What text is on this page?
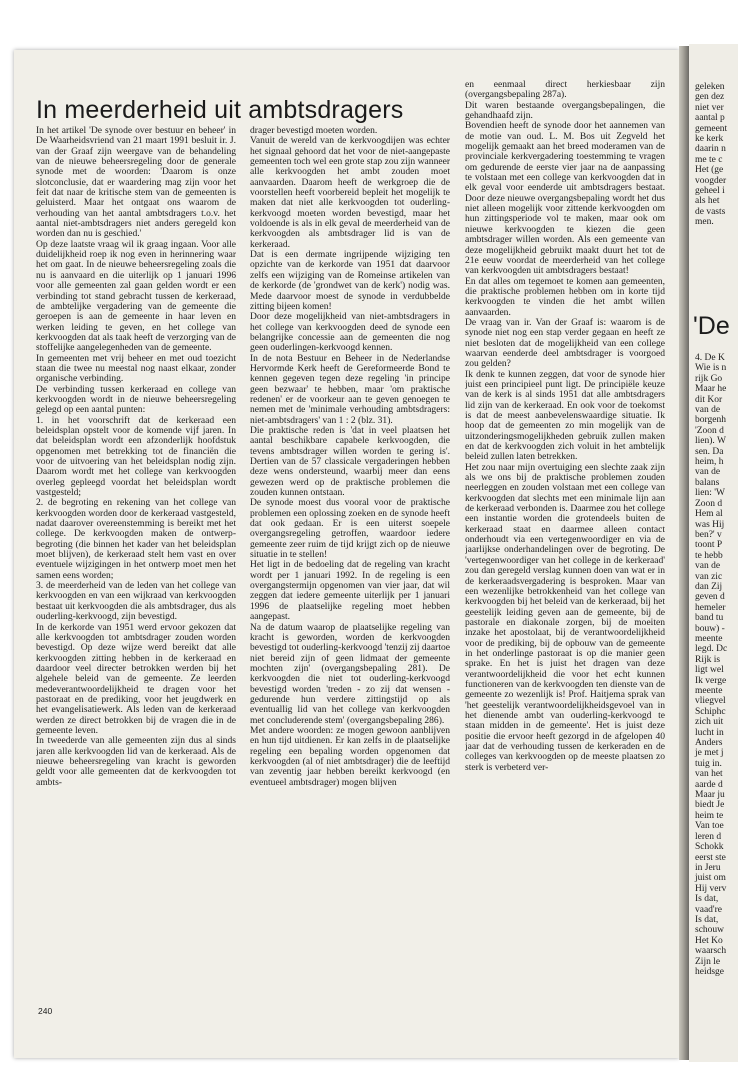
In meerderheid uit ambtsdragers

In het artikel 'De synode over bestuur en beheer' in De Waarheidsvriend van 21 maart 1991 besluit ir. J. van der Graaf zijn weergave van de behandeling van de nieuwe beheersregeling door de generale synode met de woorden: 'Daarom is onze slotconclusie, dat er waardering mag zijn voor het feit dat naar de kritische stem van de gemeenten is geluisterd. Maar het ontgaat ons waarom de verhouding van het aantal ambtsdragers t.o.v. het aantal niet-ambtsdragers niet anders geregeld kon worden dan nu is geschied.'

Op deze laatste vraag wil ik graag ingaan. Voor alle duidelijkheid roep ik nog even in herinnering waar het om gaat. In de nieuwe beheersregeling zoals die nu is aanvaard en die uiterlijk op 1 januari 1996 voor alle gemeenten zal gaan gelden wordt er een verbinding tot stand gebracht tussen de kerkeraad, de ambtelijke vergadering van de gemeente die geroepen is aan de gemeente in haar leven en werken leiding te geven, en het college van kerkvoogden dat als taak heeft de verzorging van de stoffelijke aangelegenheden van de gemeente.

In gemeenten met vrij beheer en met oud toezicht staan die twee nu meestal nog naast elkaar, zonder organische verbinding.

De verbinding tussen kerkeraad en college van kerkvoogden wordt in de nieuwe beheersregeling gelegd op een aantal punten:

1. in het voorschrift dat de kerkeraad een beleidsplan opstelt voor de komende vijf jaren. In dat beleidsplan wordt een afzonderlijk hoofdstuk opgenomen met betrekking tot de financiën die voor de uitvoering van het beleidsplan nodig zijn. Daarom wordt met het college van kerkvoogden overleg gepleegd voordat het beleidsplan wordt vastgesteld;

2. de begroting en rekening van het college van kerkvoogden worden door de kerkeraad vastgesteld, nadat daarover overeenstemming is bereikt met het college. De kerkvoogden maken de ontwerp-begroting (die binnen het kader van het beleidsplan moet blijven), de kerkeraad stelt hem vast en over eventuele wijzigingen in het ontwerp moet men het samen eens worden;

3. de meerderheid van de leden van het college van kerkvoogden en van een wijkraad van kerkvoogden bestaat uit kerkvoogden die als ambtsdrager, dus als ouderling-kerkvoogd, zijn bevestigd.

In de kerkorde van 1951 werd ervoor gekozen dat alle kerkvoogden tot ambtsdrager zouden worden bevestigd. Op deze wijze werd bereikt dat alle kerkvoogden zitting hebben in de kerkeraad en daardoor veel directer betrokken werden bij het algehele beleid van de gemeente. Ze leerden medeverantwoordelijkheid te dragen voor het pastoraat en de prediking, voor het jeugdwerk en het evangelisatiewerk. Als leden van de kerkeraad werden ze direct betrokken bij de vragen die in de gemeente leven.

In tweederde van alle gemeenten zijn dus al sinds jaren alle kerkvoogden lid van de kerkeraad. Als de nieuwe beheersregeling van kracht is geworden geldt voor alle gemeenten dat de kerkvoogden tot ambts-

drager bevestigd moeten worden.

Vanuit de wereld van de kerkvoogdijen was echter het signaal gehoord dat het voor de niet-aangepaste gemeenten toch wel een grote stap zou zijn wanneer alle kerkvoogden het ambt zouden moet aanvaarden. Daarom heeft de werkgroep die de voorstellen heeft voorbereid bepleit het mogelijk te maken dat niet alle kerkvoogden tot ouderling-kerkvoogd moeten worden bevestigd, maar het voldoende is als in elk geval de meerderheid van de kerkvoogden als ambtsdrager lid is van de kerkeraad.

Dat is een dermate ingrijpende wijziging ten opzichte van de kerkorde van 1951 dat daarvoor zelfs een wijziging van de Romeinse artikelen van de kerkorde (de 'grondwet van de kerk') nodig was. Mede daarvoor moest de synode in verdubbelde zitting bijeen komen!

Door deze mogelijkheid van niet-ambtsdragers in het college van kerkvoogden deed de synode een belangrijke concessie aan de gemeenten die nog geen ouderlingen-kerkvoogd kennen.

In de nota Bestuur en Beheer in de Nederlandse Hervormde Kerk heeft de Gereformeerde Bond te kennen gegeven tegen deze regeling 'in principe geen bezwaar' te hebben, maar 'om praktische redenen' er de voorkeur aan te geven genoegen te nemen met de 'minimale verhouding ambtsdragers: niet-ambtsdragers' van 1 : 2 (blz. 31).

Die praktische reden is 'dat in veel plaatsen het aantal beschikbare capabele kerkvoogden, die tevens ambtsdrager willen worden te gering is'. Dertien van de 57 classicale vergaderingen hebben deze wens ondersteund, waarbij meer dan eens gewezen werd op de praktische problemen die zouden kunnen ontstaan.

De synode moest dus vooral voor de praktische problemen een oplossing zoeken en de synode heeft dat ook gedaan. Er is een uiterst soepele overgangsregeling getroffen, waardoor iedere gemeente zeer ruim de tijd krijgt zich op de nieuwe situatie in te stellen!

Het ligt in de bedoeling dat de regeling van kracht wordt per 1 januari 1992. In de regeling is een overgangstermijn opgenomen van vier jaar, dat wil zeggen dat iedere gemeente uiterlijk per 1 januari 1996 de plaatselijke regeling moet hebben aangepast.

Na de datum waarop de plaatselijke regeling van kracht is geworden, worden de kerkvoogden bevestigd tot ouderling-kerkvoogd 'tenzij zij daartoe niet bereid zijn of geen lidmaat der gemeente mochten zijn' (overgangsbepaling 281). De kerkvoogden die niet tot ouderling-kerkvoogd bevestigd worden 'treden - zo zij dat wensen - gedurende hun verdere zittingstijd op als eventuallig lid van het college van kerkvoogden met concluderende stem' (overgangsbepaling 286).

Met andere woorden: ze mogen gewoon aanblijven en hun tijd uitdienen. Er kan zelfs in de plaatselijke regeling een bepaling worden opgenomen dat kerkvoogden (al of niet ambtsdrager) die de leeftijd van zeventig jaar hebben bereikt kerkvoogd (en eventueel ambtsdrager) mogen blijven

en eenmaal direct herkiesbaar zijn (overgangsbepaling 287a).

Dit waren bestaande overgangsbepalingen, die gehandhaafd zijn.

Bovendien heeft de synode door het aannemen van de motie van oud. L. M. Bos uit Zegveld het mogelijk gemaakt aan het breed moderamen van de provinciale kerkvergadering toestemming te vragen om gedurende de eerste vier jaar na de aanpassing te volstaan met een college van kerkvoogden dat in elk geval voor eenderde uit ambtsdragers bestaat. Door deze nieuwe overgangsbepaling wordt het dus niet alleen mogelijk voor zittende kerkvoogden om hun zittingsperiode vol te maken, maar ook om nieuwe kerkvoogden te kiezen die geen ambtsdrager willen worden. Als een gemeente van deze mogelijkheid gebruikt maakt duurt het tot de 21e eeuw voordat de meerderheid van het college van kerkvoogden uit ambtsdragers bestaat!

En dat alles om tegemoet te komen aan gemeenten, die praktische problemen hebben om in korte tijd kerkvoogden te vinden die het ambt willen aanvaarden.

De vraag van ir. Van der Graaf is: waarom is de synode niet nog een stap verder gegaan en heeft ze niet besloten dat de mogelijkheid van een college waarvan eenderde deel ambtsdrager is voorgoed zou gelden?

Ik denk te kunnen zeggen, dat voor de synode hier juist een principieel punt ligt. De principiële keuze van de kerk is al sinds 1951 dat alle ambtsdragers lid zijn van de kerkeraad. En ook voor de toekomst is dat de meest aanbevelenswaardige situatie. Ik hoop dat de gemeenten zo min mogelijk van de uitzonderingsmogelijkheden gebruik zullen maken en dat de kerkvoogden zich voluit in het ambtelijk beleid zullen laten betrekken.

Het zou naar mijn overtuiging een slechte zaak zijn als we ons bij de praktische problemen zouden neerleggen en zouden volstaan met een college van kerkvoogden dat slechts met een minimale lijn aan de kerkeraad verbonden is. Daarmee zou het college een instantie worden die grotendeels buiten de kerkeraad staat en daarmee alleen contact onderhoudt via een vertegenwoordiger en via de jaarlijkse onderhandelingen over de begroting. De 'vertegenwoordiger van het college in de kerkeraad' zou dan geregeld verslag kunnen doen van wat er in de kerkeraadsvergadering is besproken. Maar van een wezenlijke betrokkenheid van het college van kerkvoogden bij het beleid van de kerkeraad, bij het geestelijk leiding geven aan de gemeente, bij de pastorale en diakonale zorgen, bij de moeiten inzake het apostolaat, bij de verantwoordelijkheid voor de prediking, bij de opbouw van de gemeente in het onderlinge pastoraat is op die manier geen sprake. En het is juist het dragen van deze verantwoordelijkheid die voor het echt kunnen functioneren van de kerkvoogden ten dienste van de gemeente zo wezenlijk is! Prof. Haitjema sprak van 'het geestelijk verantwoordelijkheidsgevoel van in het dienende ambt van ouderling-kerkvoogd te staan midden in de gemeente'. Het is juist deze positie die ervoor heeft gezorgd in de afgelopen 40 jaar dat de verhouding tussen de kerkeraden en de colleges van kerkvoogden op de meeste plaatsen zo sterk is verbeterd ver-

240
geleken
gen dez
niet ver
aantal p
gemeent
ke kerk
daarin n
me te c
Het (ge
voogder
geheel i
als het
de vasts
men.
'De
4. De K
Wie is n
rijk Go
Maar he
dit Kor
van de
borgenh
'Zoon d
lien). W
sen. Da
heim, h
van de
balans
lien: 'W
Zoon d
Hem al
was Hij
ben?' v
toont P
te hebb
van de
van zic
dan Zij
geven d
hemeler
band tu
bouw) -
meente
legd. Dc
Rijk is
ligt wel
Ik verge
meente
vliegvel
Schiphc
zich uit
lucht in
Anders
je met j
tuig in.
van het
aarde d
Maar ju
biedt Je
heim te
Van toe
leren d
Schokk
eerst ste
in Jeru
juist om
Hij verv
Is dat,
vaad're
Is dat,
schouw
Het Ko
waarsch
Zijn le
heidsge
